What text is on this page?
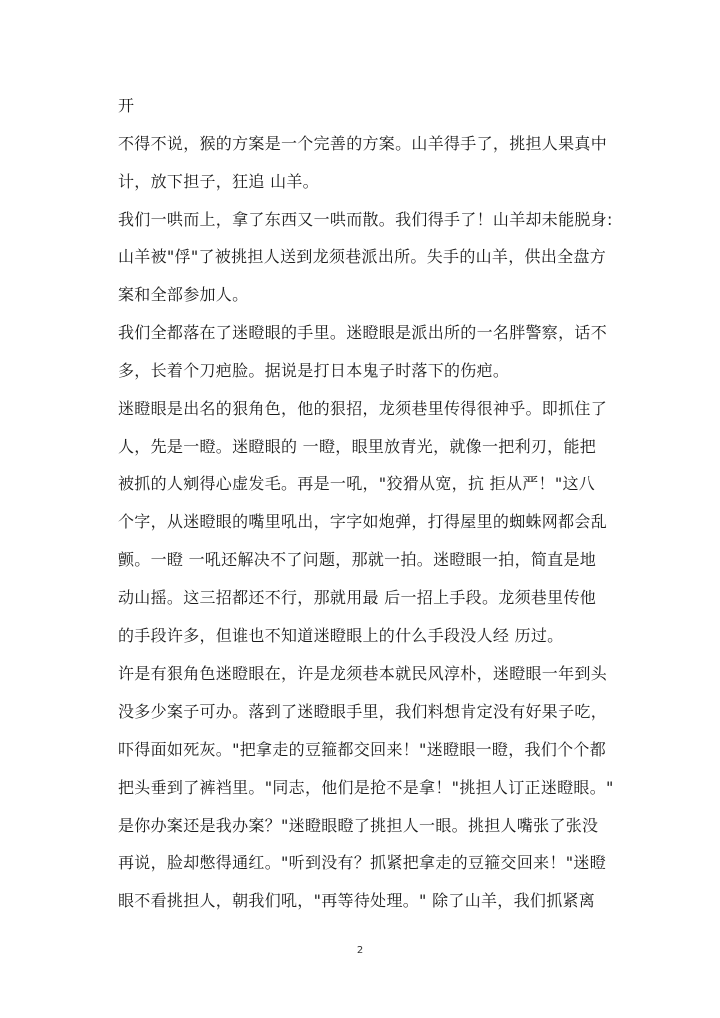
开
不得不说，猴的方案是一个完善的方案。山羊得手了，挑担人果真中
计，放下担子，狂追 山羊。
我们一哄而上，拿了东西又一哄而散。我们得手了！山羊却未能脱身:
山羊被"俘"了被挑担人送到龙须巷派出所。失手的山羊，供出全盘方
案和全部参加人。
我们全都落在了迷瞪眼的手里。迷瞪眼是派出所的一名胖警察，话不
多，长着个刀疤脸。据说是打日本鬼子时落下的伤疤。
迷瞪眼是出名的狠角色，他的狠招，龙须巷里传得很神乎。即抓住了
人，先是一瞪。迷瞪眼的 一瞪，眼里放青光，就像一把利刃，能把
被抓的人剜得心虚发毛。再是一吼，"狡猾从宽，抗 拒从严！"这八
个字，从迷瞪眼的嘴里吼出，字字如炮弹，打得屋里的蜘蛛网都会乱
颤。一瞪 一吼还解决不了问题，那就一拍。迷瞪眼一拍，简直是地
动山摇。这三招都还不行，那就用最 后一招上手段。龙须巷里传他
的手段许多，但谁也不知道迷瞪眼上的什么手段没人经 历过。
许是有狠角色迷瞪眼在，许是龙须巷本就民风淳朴，迷瞪眼一年到头
没多少案子可办。落到了迷瞪眼手里，我们料想肯定没有好果子吃，
吓得面如死灰。"把拿走的豆箍都交回来！"迷瞪眼一瞪，我们个个都
把头垂到了裤裆里。"同志，他们是抢不是拿！"挑担人订正迷瞪眼。"
是你办案还是我办案？"迷瞪眼瞪了挑担人一眼。挑担人嘴张了张没
再说，脸却憋得通红。"听到没有？抓紧把拿走的豆箍交回来！"迷瞪
眼不看挑担人，朝我们吼，"再等待处理。" 除了山羊，我们抓紧离
2
